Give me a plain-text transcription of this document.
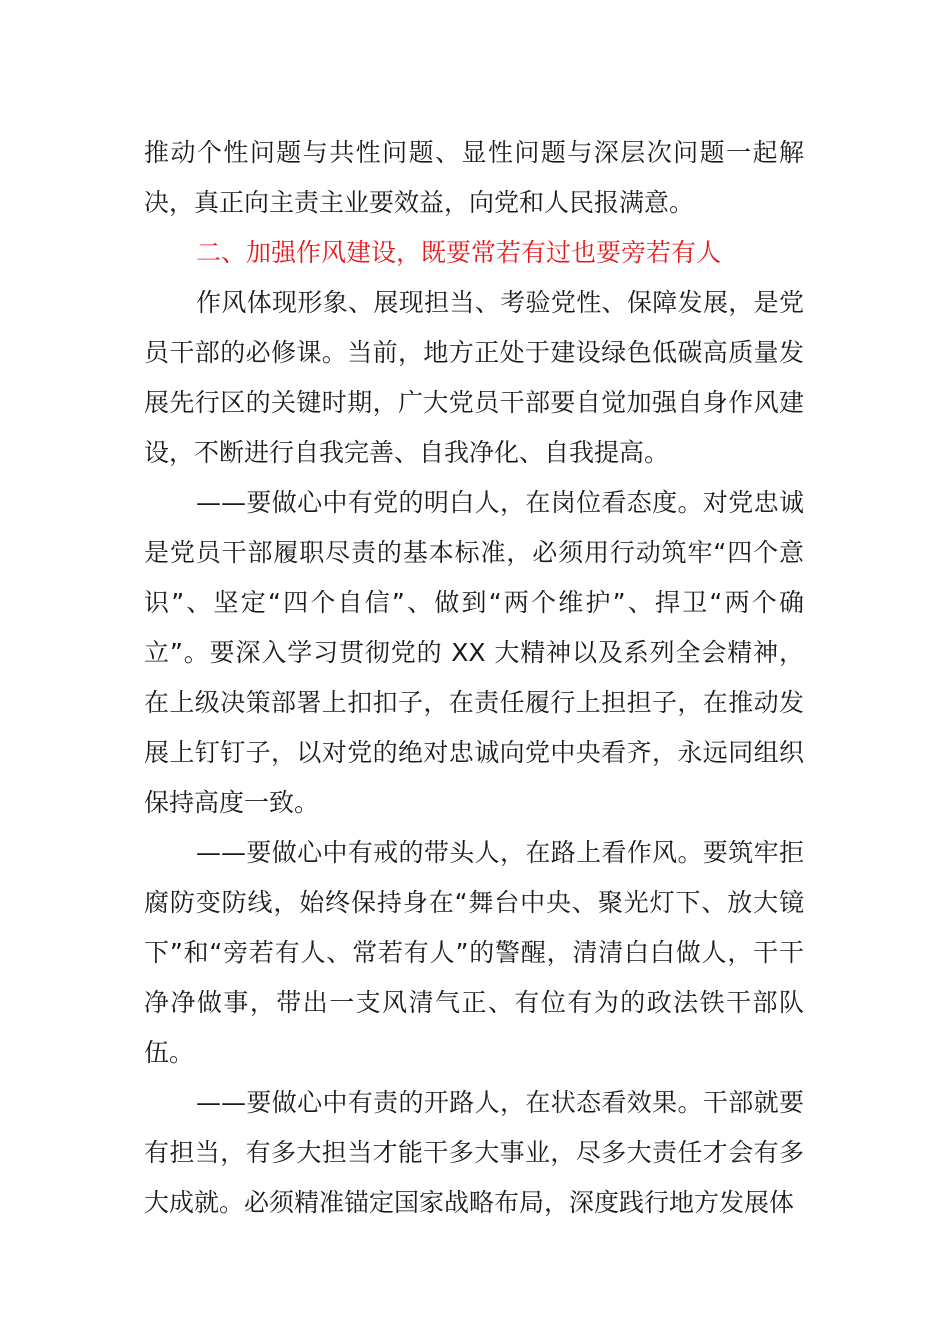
推动个性问题与共性问题、显性问题与深层次问题一起解决，真正向主责主业要效益，向党和人民报满意。

二、加强作风建设，既要常若有过也要旁若有人

作风体现形象、展现担当、考验党性、保障发展，是党员干部的必修课。当前，地方正处于建设绿色低碳高质量发展先行区的关键时期，广大党员干部要自觉加强自身作风建设，不断进行自我完善、自我净化、自我提高。

——要做心中有党的明白人，在岗位看态度。对党忠诚是党员干部履职尽责的基本标准，必须用行动筑牢“四个意识”、坚定“四个自信”、做到“两个维护”、捍卫“两个确立”。要深入学习贯彻党的 XX 大精神以及系列全会精神，在上级决策部署上扣扣子，在责任履行上担担子，在推动发展上钉钉子，以对党的绝对忠诚向党中央看齐，永远同组织保持高度一致。

——要做心中有戒的带头人，在路上看作风。要筑牢拒腐防变防线，始终保持身在“舞台中央、聚光灯下、放大镜下”和“旁若有人、常若有人”的警醒，清清白白做人，干干净净做事，带出一支风清气正、有位有为的政法铁干部队伍。

——要做心中有责的开路人，在状态看效果。干部就要有担当，有多大担当才能干多大事业，尽多大责任才会有多大成就。必须精准锚定国家战略布局，深度践行地方发展体
